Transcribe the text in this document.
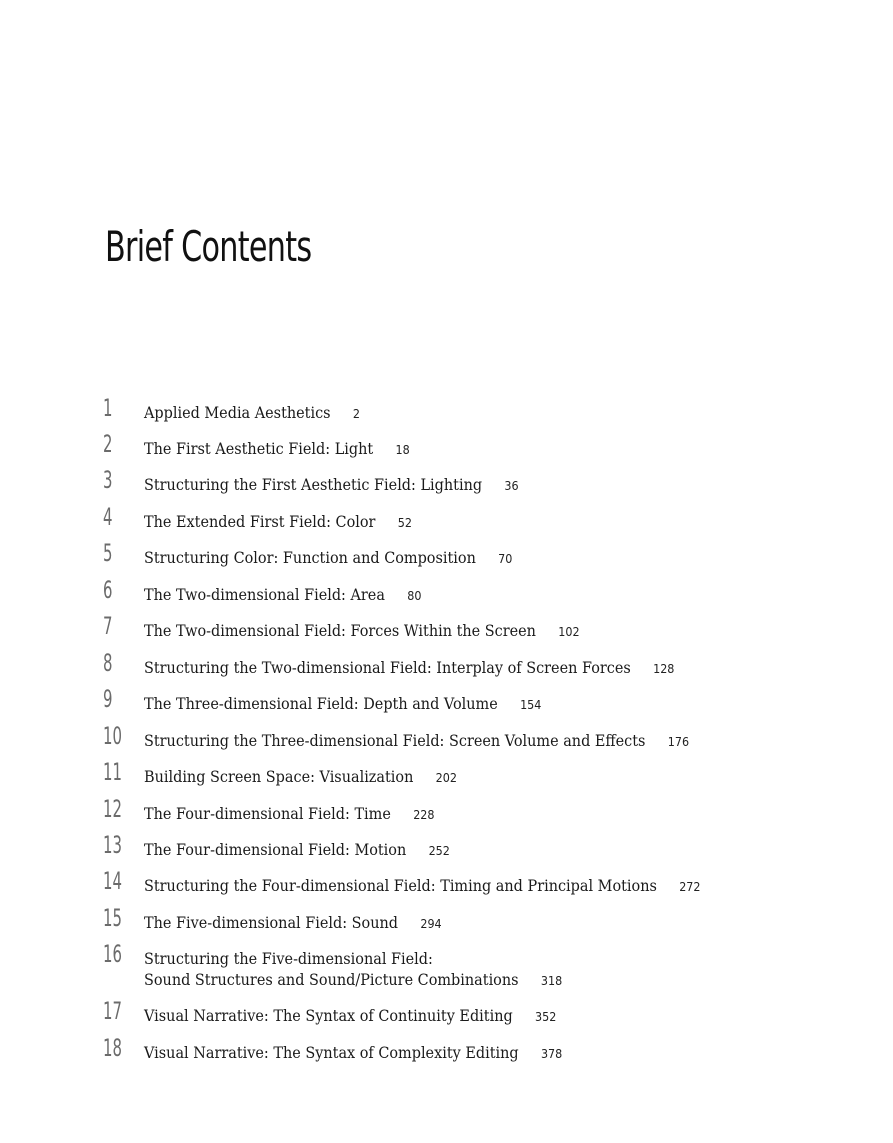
Brief Contents
1	Applied Media Aesthetics 2
2	The First Aesthetic Field: Light 18
3	Structuring the First Aesthetic Field: Lighting 36
4	The Extended First Field: Color 52
5	Structuring Color: Function and Composition 70
6	The Two-dimensional Field: Area 80
7	The Two-dimensional Field: Forces Within the Screen 102
8	Structuring the Two-dimensional Field: Interplay of Screen Forces 128
9	The Three-dimensional Field: Depth and Volume 154
10	Structuring the Three-dimensional Field: Screen Volume and Effects 176
11	Building Screen Space: Visualization 202
12	The Four-dimensional Field: Time 228
13	The Four-dimensional Field: Motion 252
14	Structuring the Four-dimensional Field: Timing and Principal Motions 272
15	The Five-dimensional Field: Sound 294
16	Structuring the Five-dimensional Field:
Sound Structures and Sound/Picture Combinations 318
17	Visual Narrative: The Syntax of Continuity Editing 352
18	Visual Narrative: The Syntax of Complexity Editing 378
